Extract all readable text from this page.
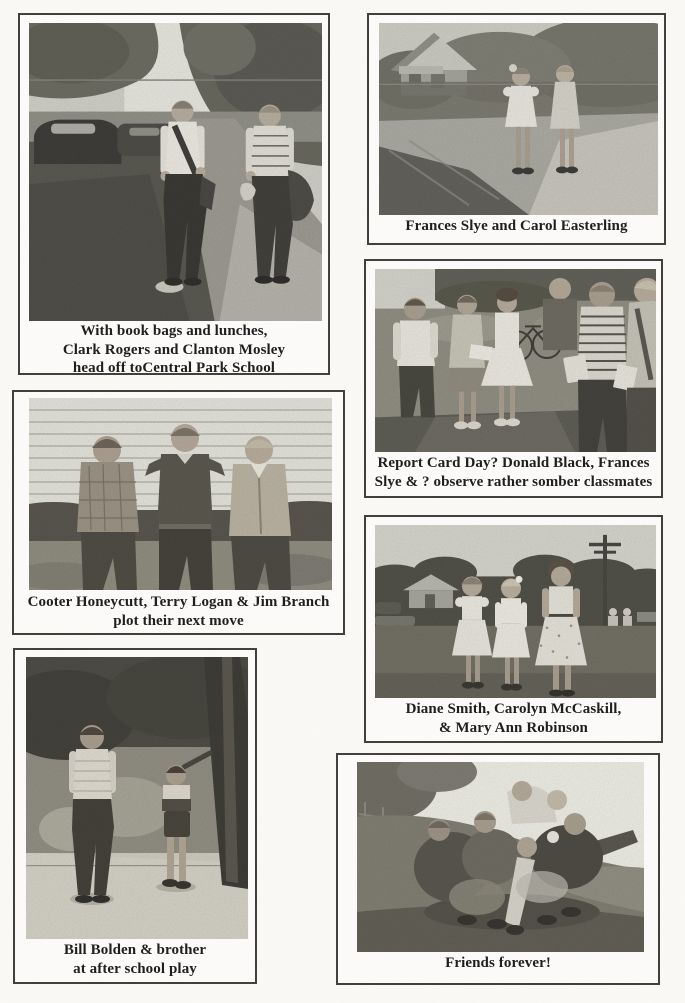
With book bags and lunches,
Clark Rogers and Clanton Mosley
head off toCentral Park School
Cooter Honeycutt, Terry Logan & Jim Branch
plot their next move
Bill Bolden & brother
at after school play
Frances Slye and Carol Easterling
Report Card Day? Donald Black, Frances
Slye & ? observe rather somber classmates
Diane Smith, Carolyn McCaskill,
& Mary Ann Robinson
Friends forever!
